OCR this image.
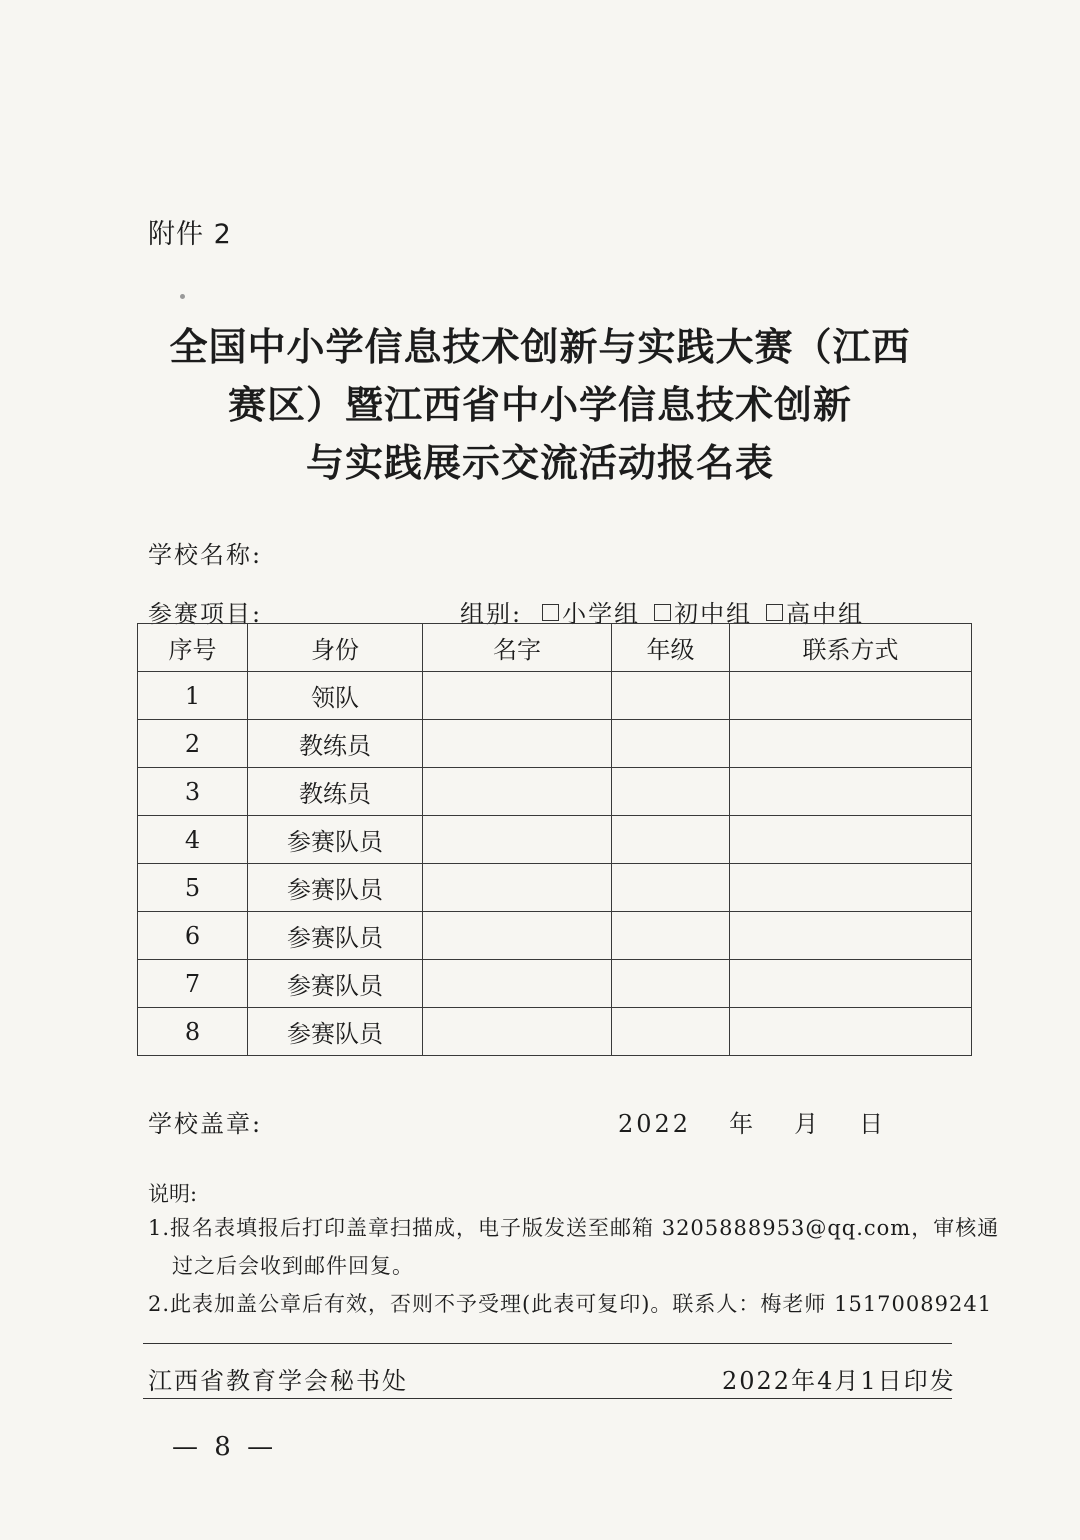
附件 2
全国中小学信息技术创新与实践大赛（江西
赛区）暨江西省中小学信息技术创新
与实践展示交流活动报名表
学校名称:
参赛项目:	组别: 小学组 初中组 高中组
序号	身份	名字	年级	联系方式
1	领队			
2	教练员			
3	教练员			
4	参赛队员			
5	参赛队员			
6	参赛队员			
7	参赛队员			
8	参赛队员			
学校盖章:	2022 年 月 日
说明:
1.报名表填报后打印盖章扫描成，电子版发送至邮箱 3205888953@qq.com，审核通
过之后会收到邮件回复。
2.此表加盖公章后有效，否则不予受理(此表可复印)。联系人：梅老师 15170089241
江西省教育学会秘书处	2022年4月1日印发
— 8 —
